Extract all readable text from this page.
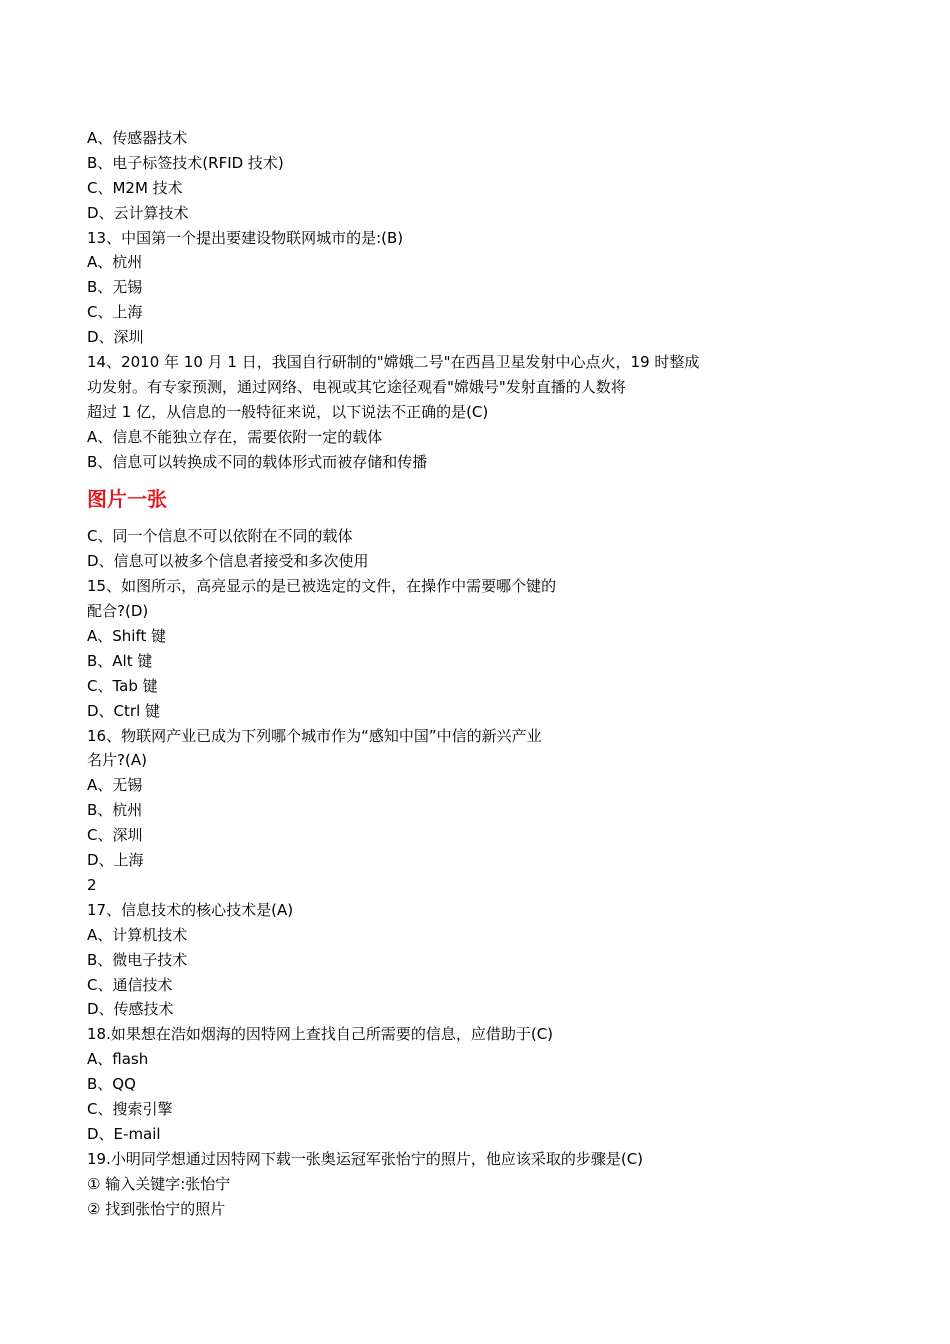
A、传感器技术
B、电子标签技术(RFID 技术)
C、M2M 技术
D、云计算技术
13、中国第一个提出要建设物联网城市的是:(B)
A、杭州
B、无锡
C、上海
D、深圳
14、2010 年 10 月 1 日，我国自行研制的"嫦娥二号"在西昌卫星发射中心点火，19 时整成
功发射。有专家预测，通过网络、电视或其它途径观看"嫦娥号"发射直播的人数将
超过 1 亿，从信息的一般特征来说，以下说法不正确的是(C)
A、信息不能独立存在，需要依附一定的载体
B、信息可以转换成不同的载体形式而被存储和传播
图片一张
C、同一个信息不可以依附在不同的载体
D、信息可以被多个信息者接受和多次使用
15、如图所示，高亮显示的是已被选定的文件，在操作中需要哪个键的
配合?(D)
A、Shift 键
B、Alt 键
C、Tab 键
D、Ctrl 键
16、物联网产业已成为下列哪个城市作为“感知中国”中信的新兴产业
名片?(A)
A、无锡
B、杭州
C、深圳
D、上海
2
17、信息技术的核心技术是(A)
A、计算机技术
B、微电子技术
C、通信技术
D、传感技术
18.如果想在浩如烟海的因特网上查找自己所需要的信息，应借助于(C)
A、flash
B、QQ
C、搜索引擎
D、E-mail
19.小明同学想通过因特网下载一张奥运冠军张怡宁的照片，他应该采取的步骤是(C)
① 输入关键字:张怡宁
② 找到张怡宁的照片
